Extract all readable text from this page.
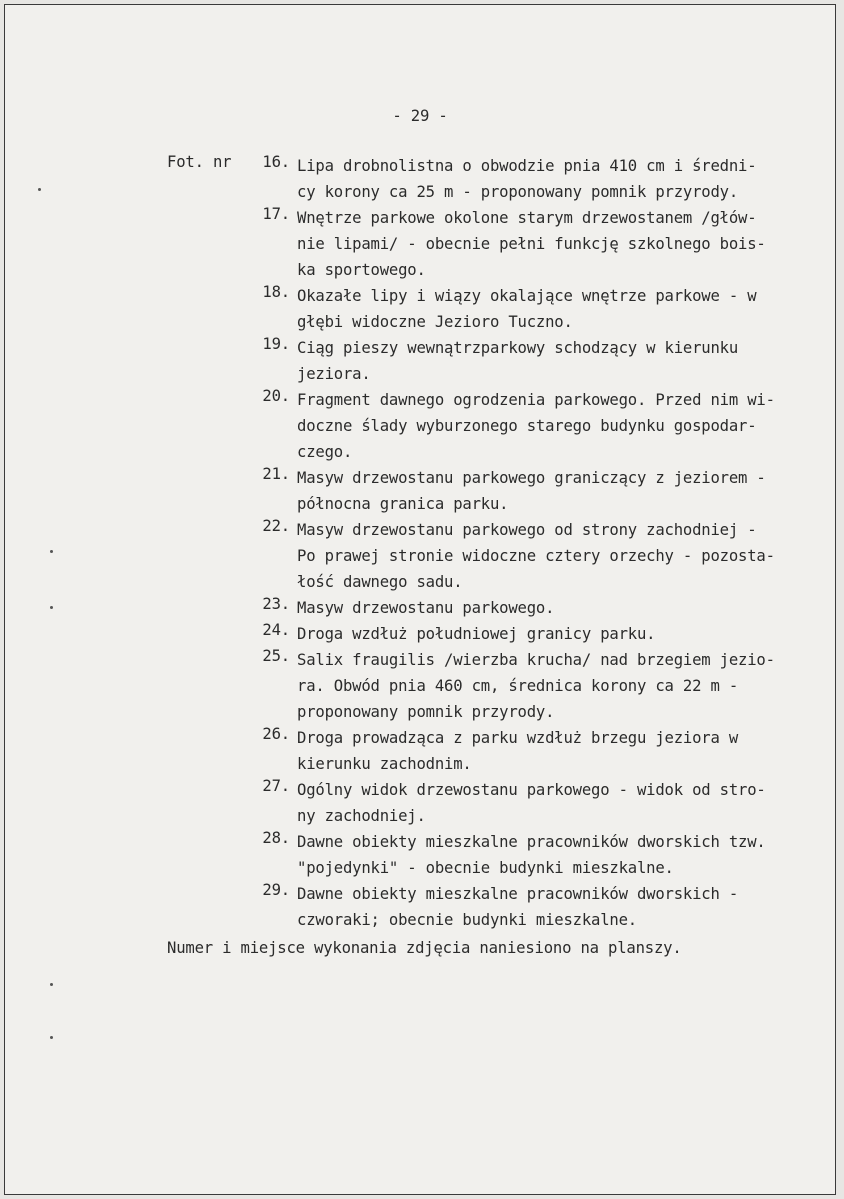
- 29 -
Fot. nr	16. Lipa drobnolistna o obwodzie pnia 410 cm i średni-
cy korony ca 25 m - proponowany pomnik przyrody.
17. Wnętrze parkowe okolone starym drzewostanem /głów-
nie lipami/ - obecnie pełni funkcję szkolnego bois-
ka sportowego.
18. Okazałe lipy i wiązy okalające wnętrze parkowe - w
głębi widoczne Jezioro Tuczno.
19. Ciąg pieszy wewnątrzparkowy schodzący w kierunku
jeziora.
20. Fragment dawnego ogrodzenia parkowego. Przed nim wi-
doczne ślady wyburzonego starego budynku gospodar-
czego.
21. Masyw drzewostanu parkowego graniczący z jeziorem -
północna granica parku.
22. Masyw drzewostanu parkowego od strony zachodniej -
Po prawej stronie widoczne cztery orzechy - pozosta-
łość dawnego sadu.
23. Masyw drzewostanu parkowego.
24. Droga wzdłuż południowej granicy parku.
25. Salix fraugilis /wierzba krucha/ nad brzegiem jezio-
ra. Obwód pnia 460 cm, średnica korony ca 22 m -
proponowany pomnik przyrody.
26. Droga prowadząca z parku wzdłuż brzegu jeziora w
kierunku zachodnim.
27. Ogólny widok drzewostanu parkowego - widok od stro-
ny zachodniej.
28. Dawne obiekty mieszkalne pracowników dworskich tzw.
"pojedynki" - obecnie budynki mieszkalne.
29. Dawne obiekty mieszkalne pracowników dworskich -
czworaki; obecnie budynki mieszkalne.
Numer i miejsce wykonania zdjęcia naniesiono na planszy.
